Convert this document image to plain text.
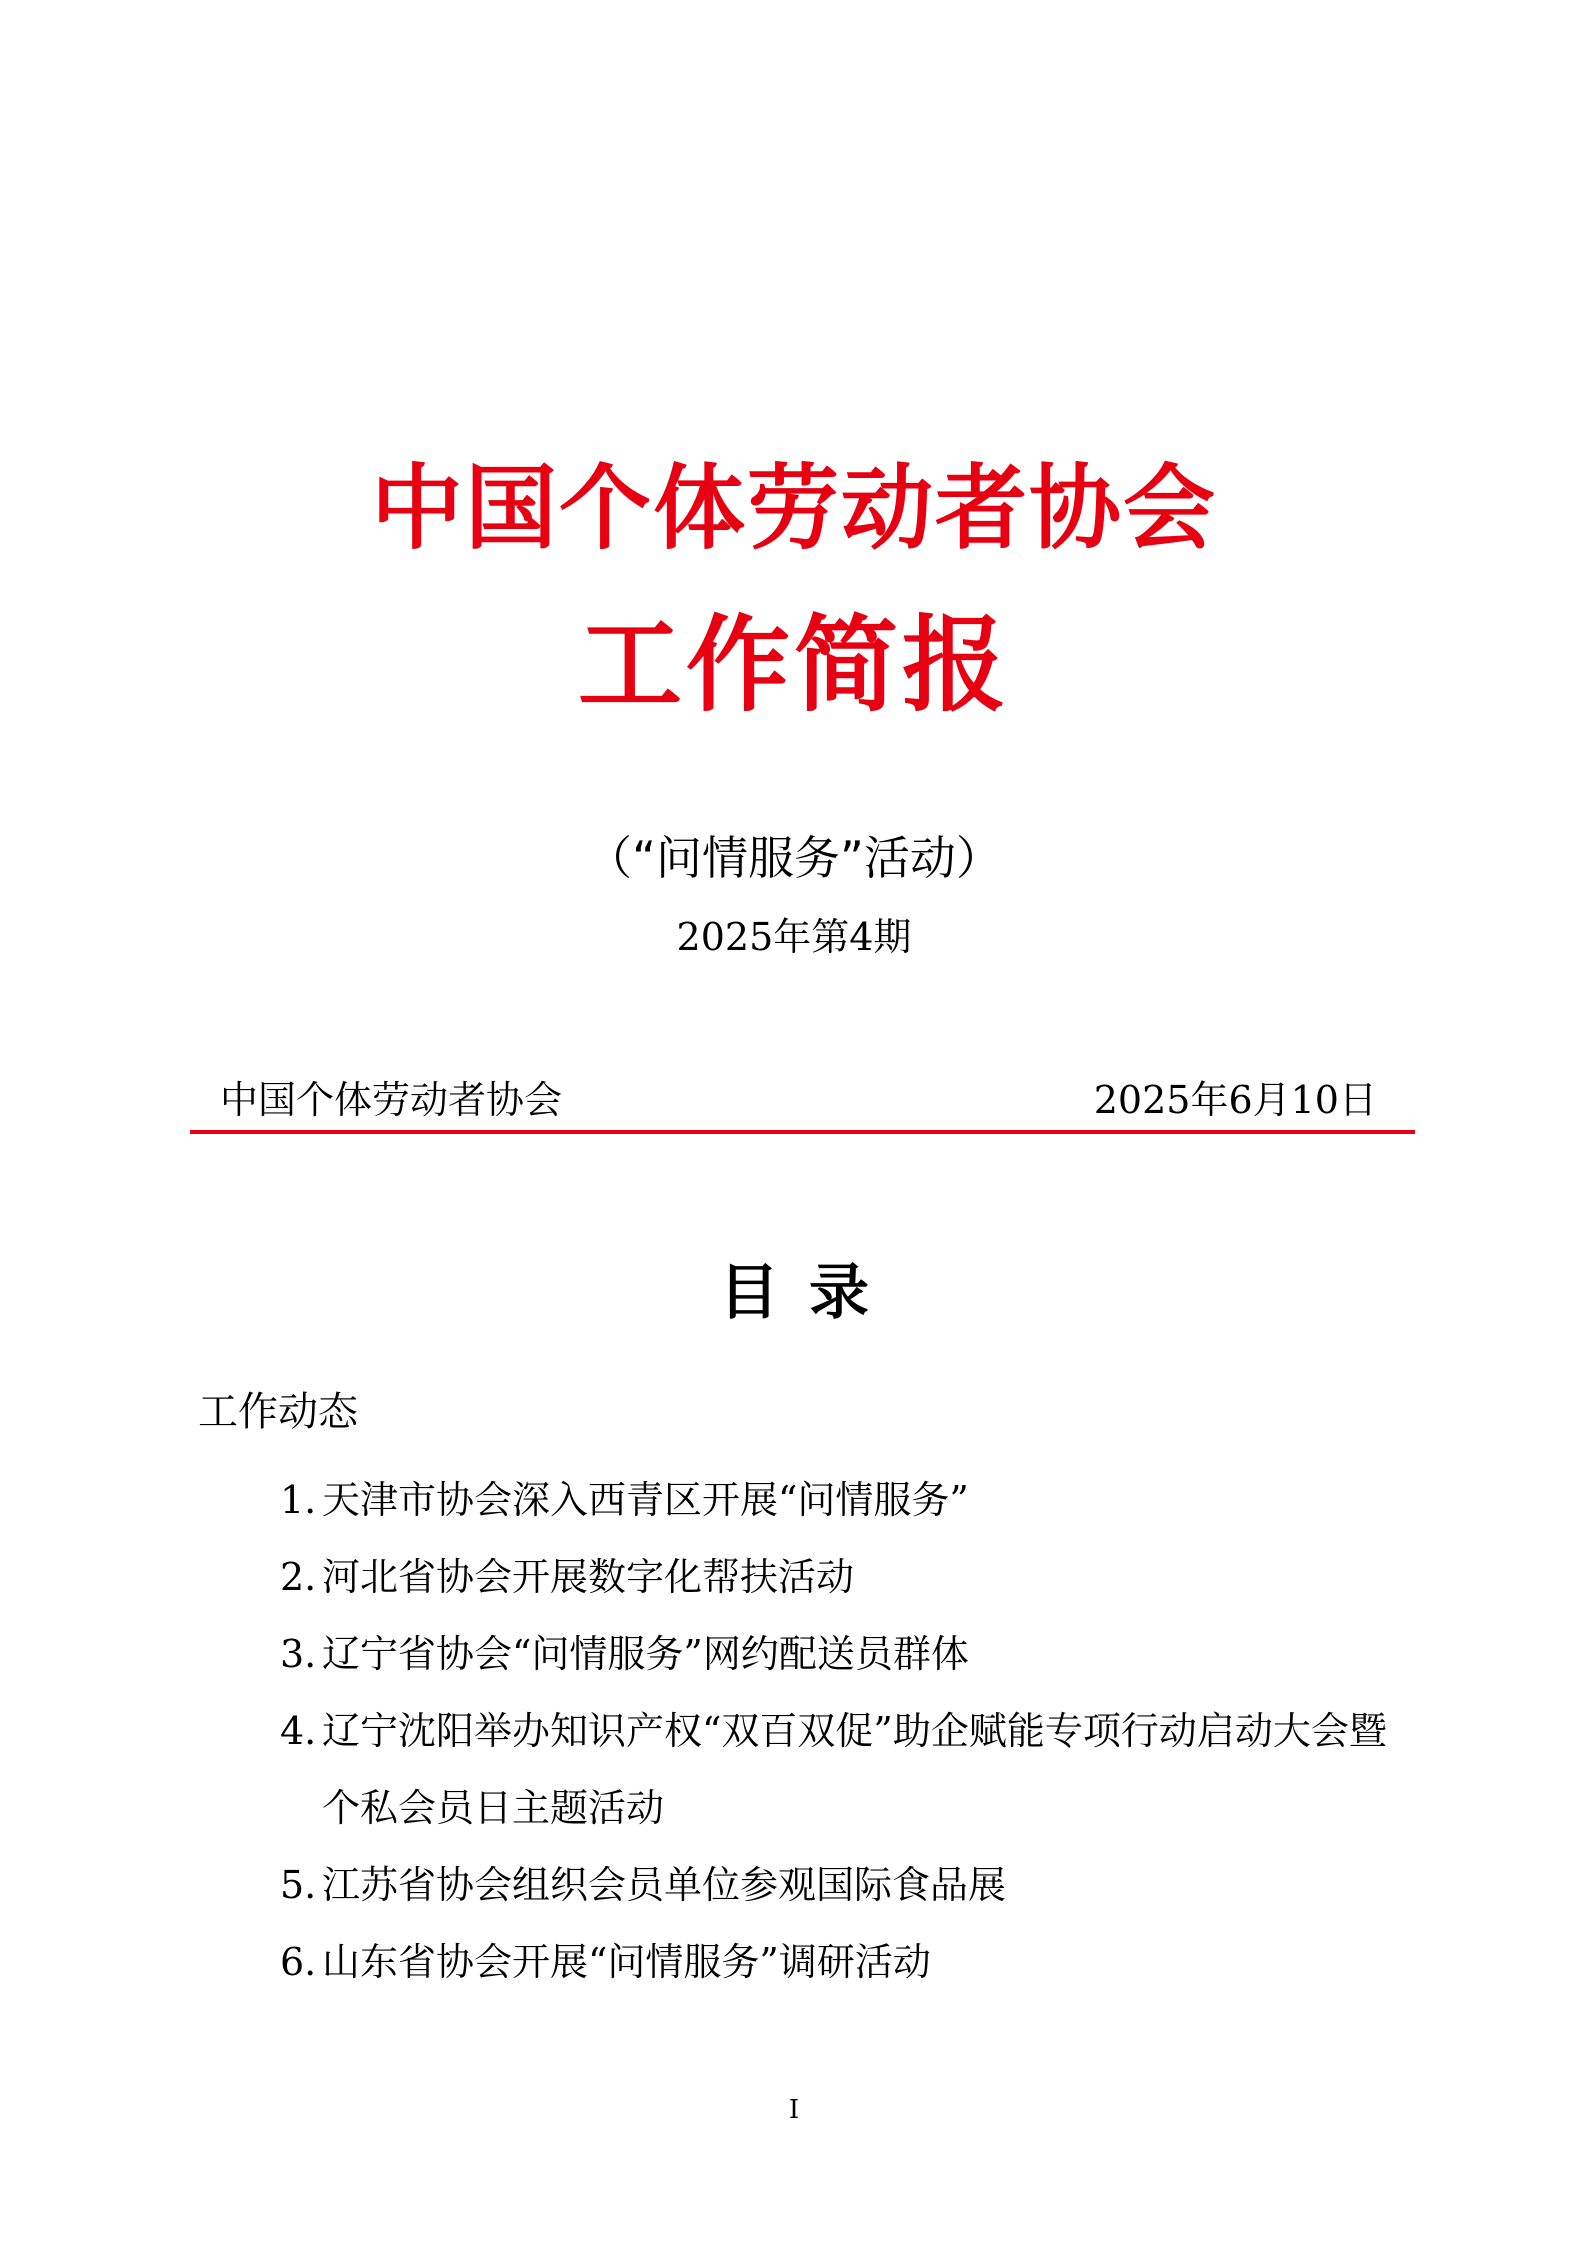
中国个体劳动者协会
工作简报
（“问情服务”活动）
2025年第4期
中国个体劳动者协会	2025年6月10日
目录
工作动态
1. 天津市协会深入西青区开展“问情服务”
2. 河北省协会开展数字化帮扶活动
3. 辽宁省协会“问情服务”网约配送员群体
4. 辽宁沈阳举办知识产权“双百双促”助企赋能专项行动启动大会暨个私会员日主题活动
5. 江苏省协会组织会员单位参观国际食品展
6. 山东省协会开展“问情服务”调研活动
I
